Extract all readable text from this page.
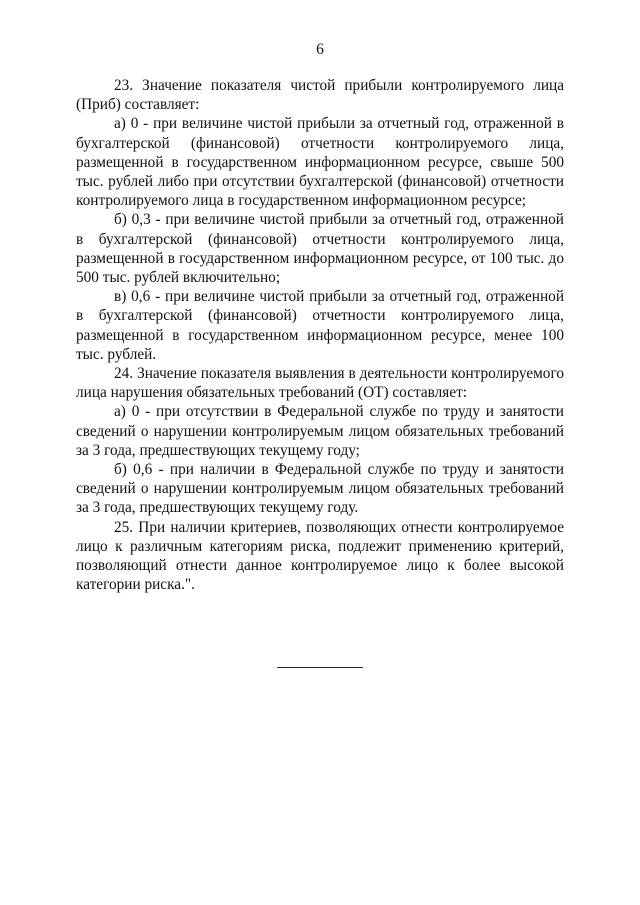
6

23. Значение показателя чистой прибыли контролируемого лица (Приб) составляет:

а) 0 - при величине чистой прибыли за отчетный год, отраженной в бухгалтерской (финансовой) отчетности контролируемого лица, размещенной в государственном информационном ресурсе, свыше 500 тыс. рублей либо при отсутствии бухгалтерской (финансовой) отчетности контролируемого лица в государственном информационном ресурсе;

б) 0,3 - при величине чистой прибыли за отчетный год, отраженной в бухгалтерской (финансовой) отчетности контролируемого лица, размещенной в государственном информационном ресурсе, от 100 тыс. до 500 тыс. рублей включительно;

в) 0,6 - при величине чистой прибыли за отчетный год, отраженной в бухгалтерской (финансовой) отчетности контролируемого лица, размещенной в государственном информационном ресурсе, менее 100 тыс. рублей.

24. Значение показателя выявления в деятельности контролируемого лица нарушения обязательных требований (ОТ) составляет:

а) 0 - при отсутствии в Федеральной службе по труду и занятости сведений о нарушении контролируемым лицом обязательных требований за 3 года, предшествующих текущему году;

б) 0,6 - при наличии в Федеральной службе по труду и занятости сведений о нарушении контролируемым лицом обязательных требований за 3 года, предшествующих текущему году.

25. При наличии критериев, позволяющих отнести контролируемое лицо к различным категориям риска, подлежит применению критерий, позволяющий отнести данное контролируемое лицо к более высокой категории риска.".
